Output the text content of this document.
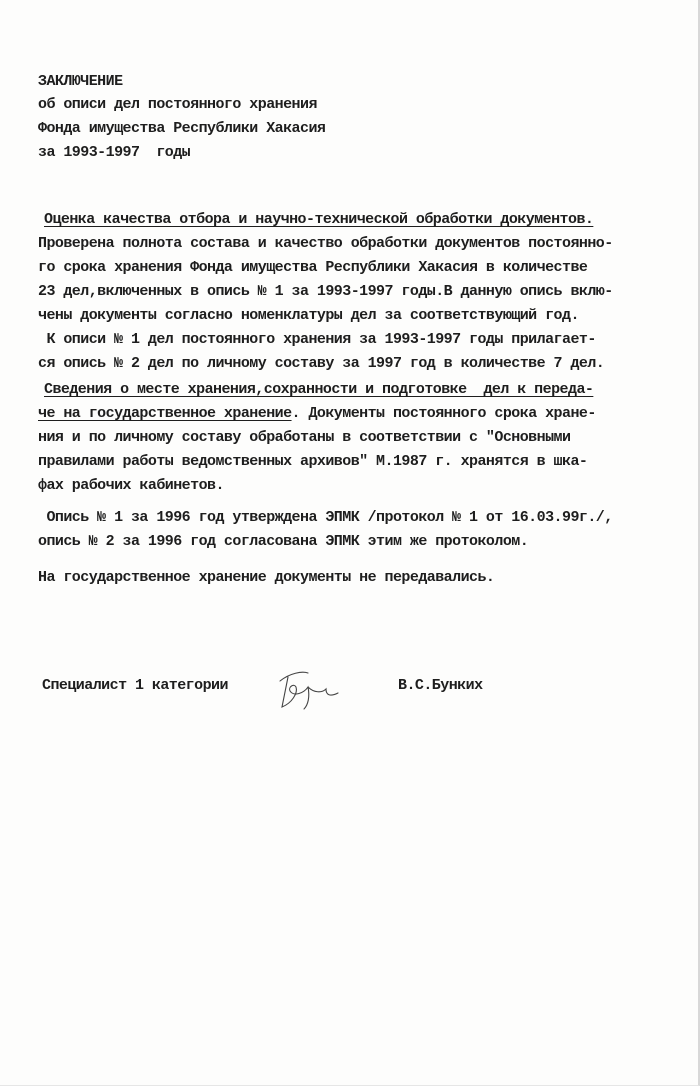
ЗАКЛЮЧЕНИЕ
об описи дел постоянного хранения
Фонда имущества Республики Хакасия
за 1993-1997  годы
Оценка качества отбора и научно-технической обработки документов.
Проверена полнота состава и качество обработки документов постоянно-
го срока хранения Фонда имущества Республики Хакасия в количестве
23 дел,включенных в опись № 1 за 1993-1997 годы.В данную опись вклю-
чены документы согласно номенклатуры дел за соответствующий год.
К описи № 1 дел постоянного хранения за 1993-1997 годы прилагает-
ся опись № 2 дел по личному составу за 1997 год в количестве 7 дел.
Сведения о месте хранения,сохранности и подготовке  дел к переда-
че на государственное хранение. Документы постоянного срока хране-
ния и по личному составу обработаны в соответствии с "Основными
правилами работы ведомственных архивов" М.1987 г. хранятся в шка-
фах рабочих кабинетов.
Опись № 1 за 1996 год утверждена ЭПМК /протокол № 1 от 16.03.99г./,
опись № 2 за 1996 год согласована ЭПМК этим же протоколом.
На государственное хранение документы не передавались.
Специалист 1 категории	В.С.Бунких
